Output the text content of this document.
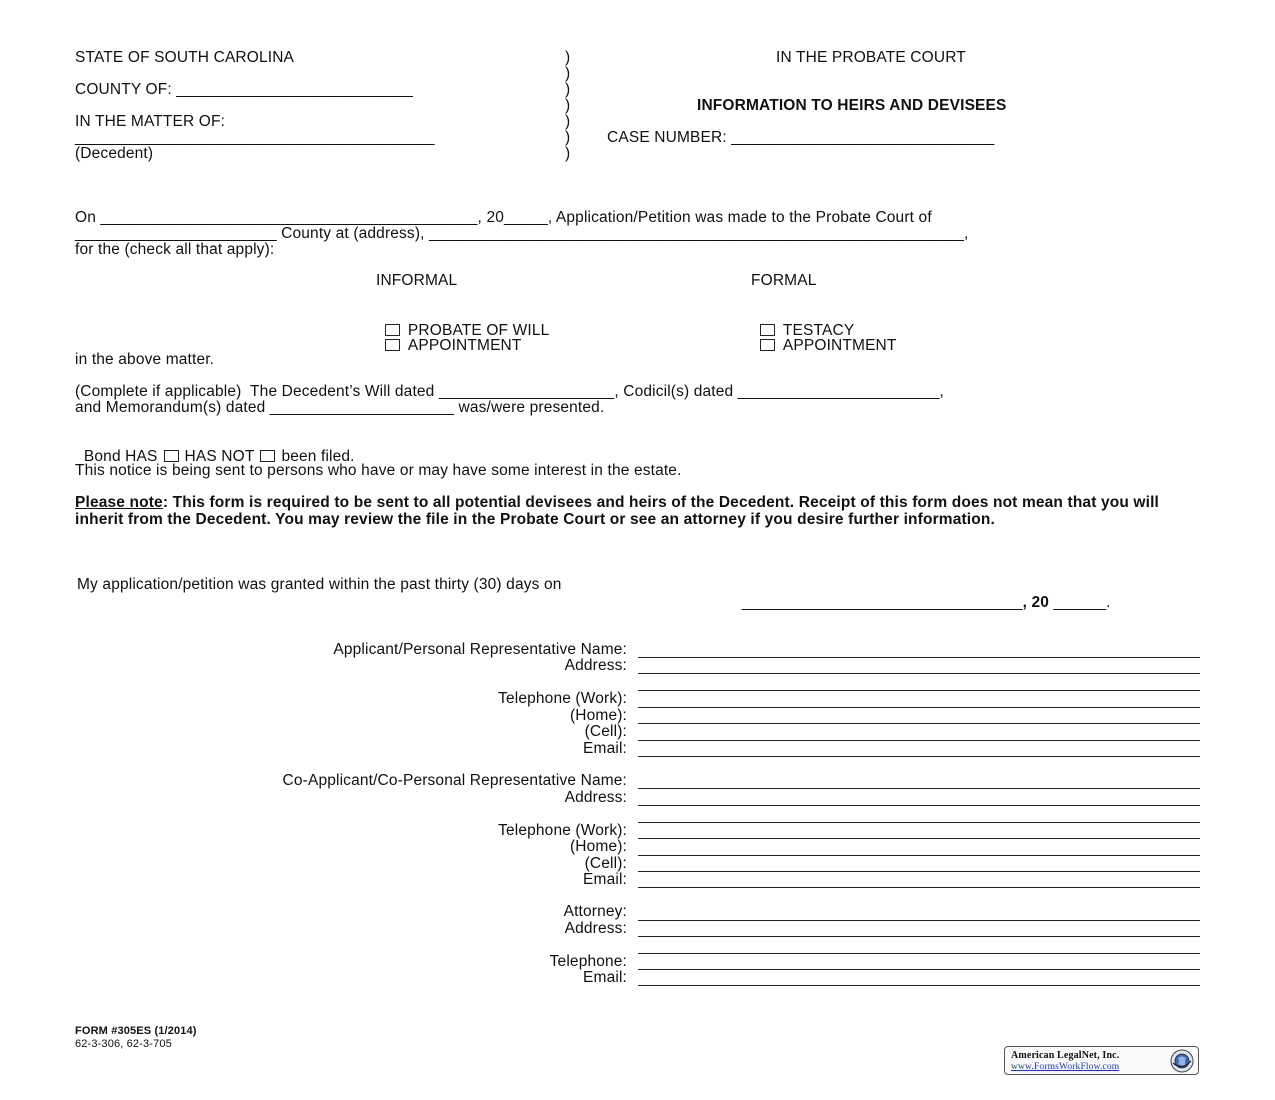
STATE OF SOUTH CAROLINA
COUNTY OF: ___________________________
IN THE MATTER OF:
_________________________________________
(Decedent)
)
)
)
)
)
)
)
IN THE PROBATE COURT
INFORMATION TO HEIRS AND DEVISEES
CASE NUMBER: ______________________________
On ___________________________________________, 20_____, Application/Petition was made to the Probate Court of
_______________________ County at (address), _____________________________________________________________,
for the (check all that apply):
INFORMAL	FORMAL

PROBATE OF WILL

APPOINTMENT

TESTACY

APPOINTMENT

in the above matter.
(Complete if applicable)  The Decedent’s Will dated ____________________, Codicil(s) dated _______________________,
and Memorandum(s) dated _____________________ was/were presented.

Bond HAS HAS NOT been filed.

This notice is being sent to persons who have or may have some interest in the estate.
Please note: This form is required to be sent to all potential devisees and heirs of the Decedent. Receipt of this form does not mean that you will inherit from the Decedent. You may review the file in the Probate Court or see an attorney if you desire further information.
My application/petition was granted within the past thirty (30) days on

________________________________, 20 ______.

Applicant/Personal Representative Name:
Address:
Telephone (Work):
(Home):
(Cell):
Email:
Co-Applicant/Co-Personal Representative Name:
Address:
Telephone (Work):
(Home):
(Cell):
Email:
Attorney:
Address:
Telephone:
Email:
FORM #305ES (1/2014)
62-3-306, 62-3-705
American LegalNet, Inc.
www.FormsWorkFlow.com
